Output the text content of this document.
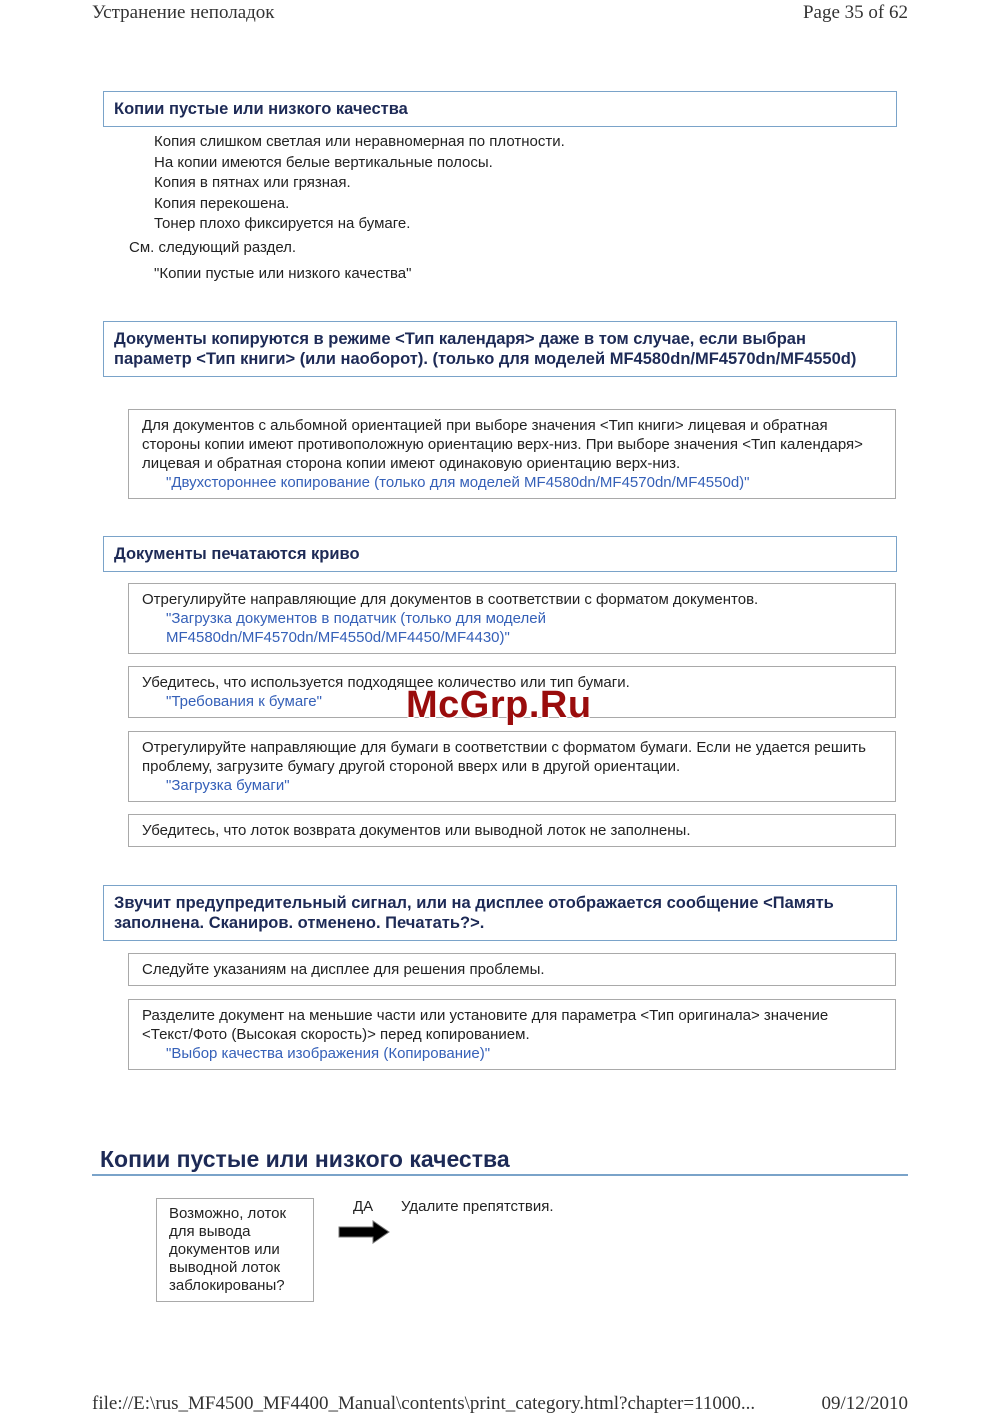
Устранение неполадок	Page 35 of 62
Копии пустые или низкого качества
Копия слишком светлая или неравномерная по плотности.
На копии имеются белые вертикальные полосы.
Копия в пятнах или грязная.
Копия перекошена.
Тонер плохо фиксируется на бумаге.
См. следующий раздел.
"Копии пустые или низкого качества"
Документы копируются в режиме <Тип календаря> даже в том случае, если выбран параметр <Тип книги> (или наоборот). (только для моделей MF4580dn/MF4570dn/MF4550d)
Для документов с альбомной ориентацией при выборе значения <Тип книги> лицевая и обратная стороны копии имеют противоположную ориентацию верх-низ. При выборе значения <Тип календаря> лицевая и обратная сторона копии имеют одинаковую ориентацию верх-низ.
"Двухстороннее копирование (только для моделей MF4580dn/MF4570dn/MF4550d)"
Документы печатаются криво
Отрегулируйте направляющие для документов в соответствии с форматом документов.
"Загрузка документов в податчик (только для моделей MF4580dn/MF4570dn/MF4550d/MF4450/MF4430)"
Убедитесь, что используется подходящее количество или тип бумаги.
"Требования к бумаге"
Отрегулируйте направляющие для бумаги в соответствии с форматом бумаги. Если не удается решить проблему, загрузите бумагу другой стороной вверх или в другой ориентации.
"Загрузка бумаги"
Убедитесь, что лоток возврата документов или выводной лоток не заполнены.
Звучит предупредительный сигнал, или на дисплее отображается сообщение <Память заполнена. Сканиров. отменено. Печатать?>.
Следуйте указаниям на дисплее для решения проблемы.
Разделите документ на меньшие части или установите для параметра <Тип оригинала> значение <Текст/Фото (Высокая скорость)> перед копированием.
"Выбор качества изображения (Копирование)"
Копии пустые или низкого качества
Возможно, лоток для вывода документов или выводной лоток заблокированы?
ДА Удалите препятствия.
McGrp.Ru
file://E:\rus_MF4500_MF4400_Manual\contents\print_category.html?chapter=11000...	09/12/2010
